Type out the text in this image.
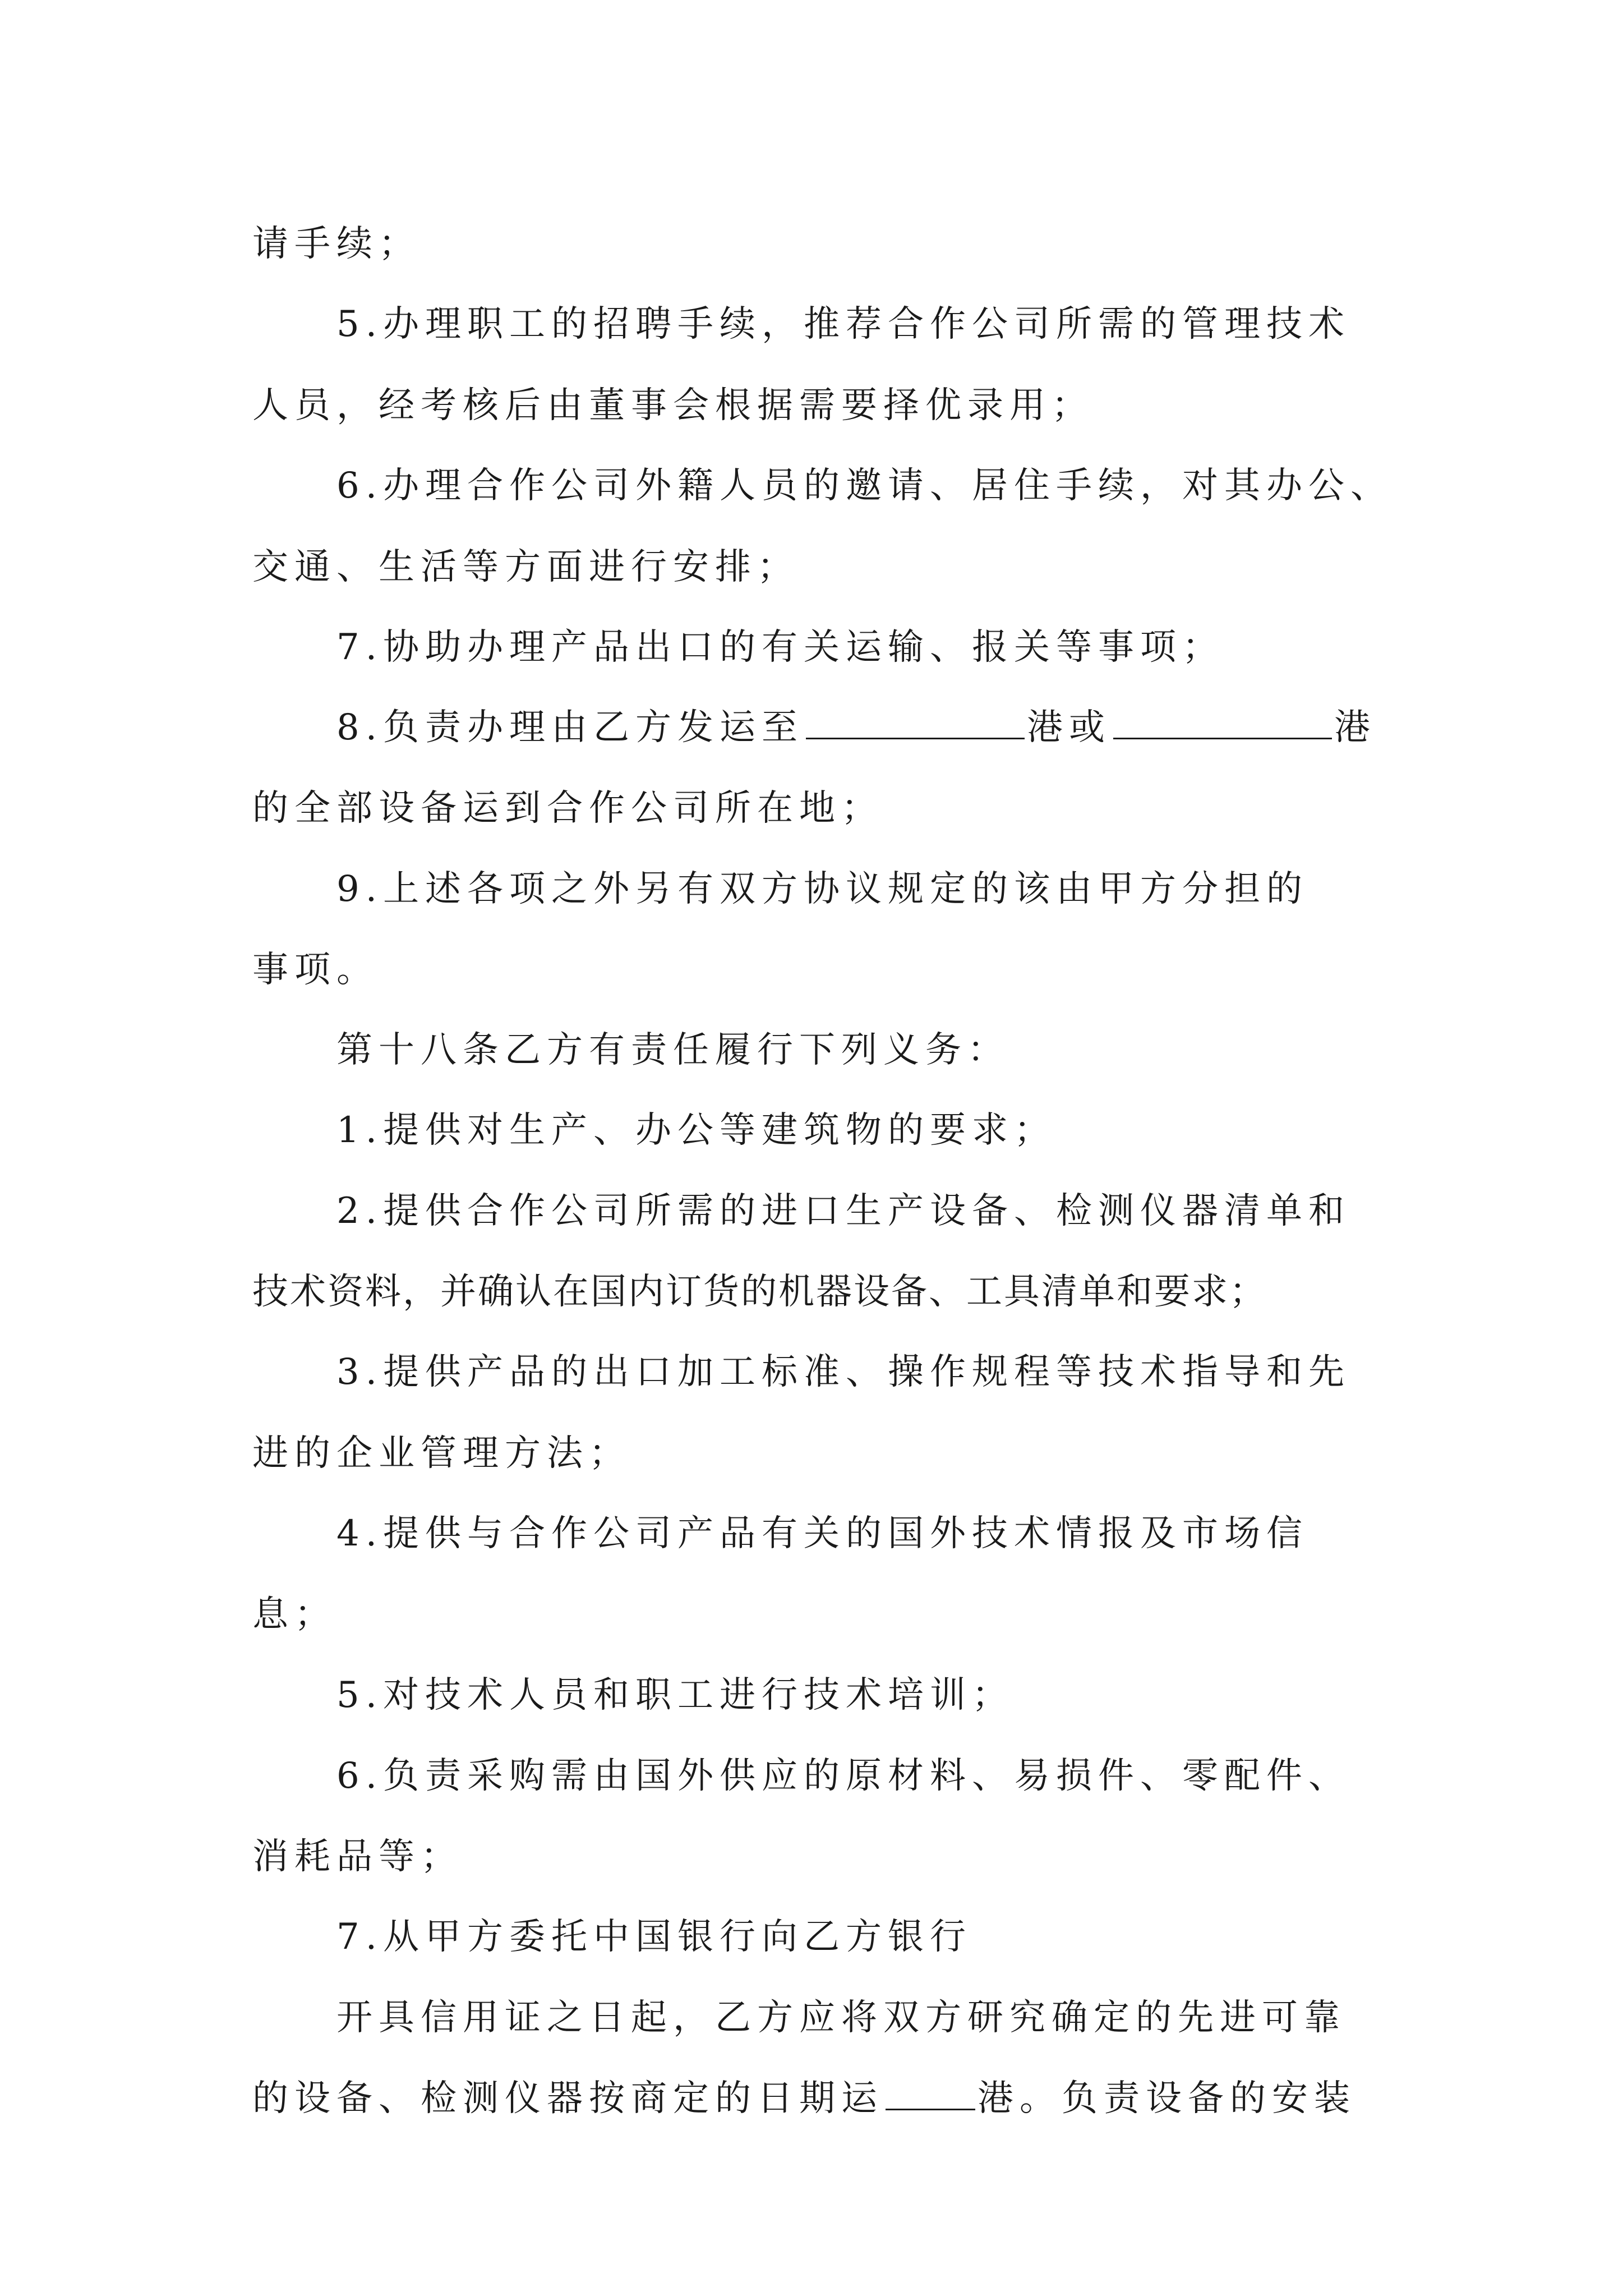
请手续；
5.办理职工的招聘手续，推荐合作公司所需的管理技术
人员，经考核后由董事会根据需要择优录用；
6.办理合作公司外籍人员的邀请、居住手续，对其办公、
交通、生活等方面进行安排；
7.协助办理产品出口的有关运输、报关等事项；
8.负责办理由乙方发运至	港或	港
的全部设备运到合作公司所在地；
9.上述各项之外另有双方协议规定的该由甲方分担的
事项。
第十八条乙方有责任履行下列义务：
1.提供对生产、办公等建筑物的要求；
2.提供合作公司所需的进口生产设备、检测仪器清单和
技术资料，并确认在国内订货的机器设备、工具清单和要求；
3.提供产品的出口加工标准、操作规程等技术指导和先
进的企业管理方法；
4.提供与合作公司产品有关的国外技术情报及市场信
息；
5.对技术人员和职工进行技术培训；
6.负责采购需由国外供应的原材料、易损件、零配件、
消耗品等；
7.从甲方委托中国银行向乙方银行
开具信用证之日起，乙方应将双方研究确定的先进可靠
的设备、检测仪器按商定的日期运	港。负责设备的安装
